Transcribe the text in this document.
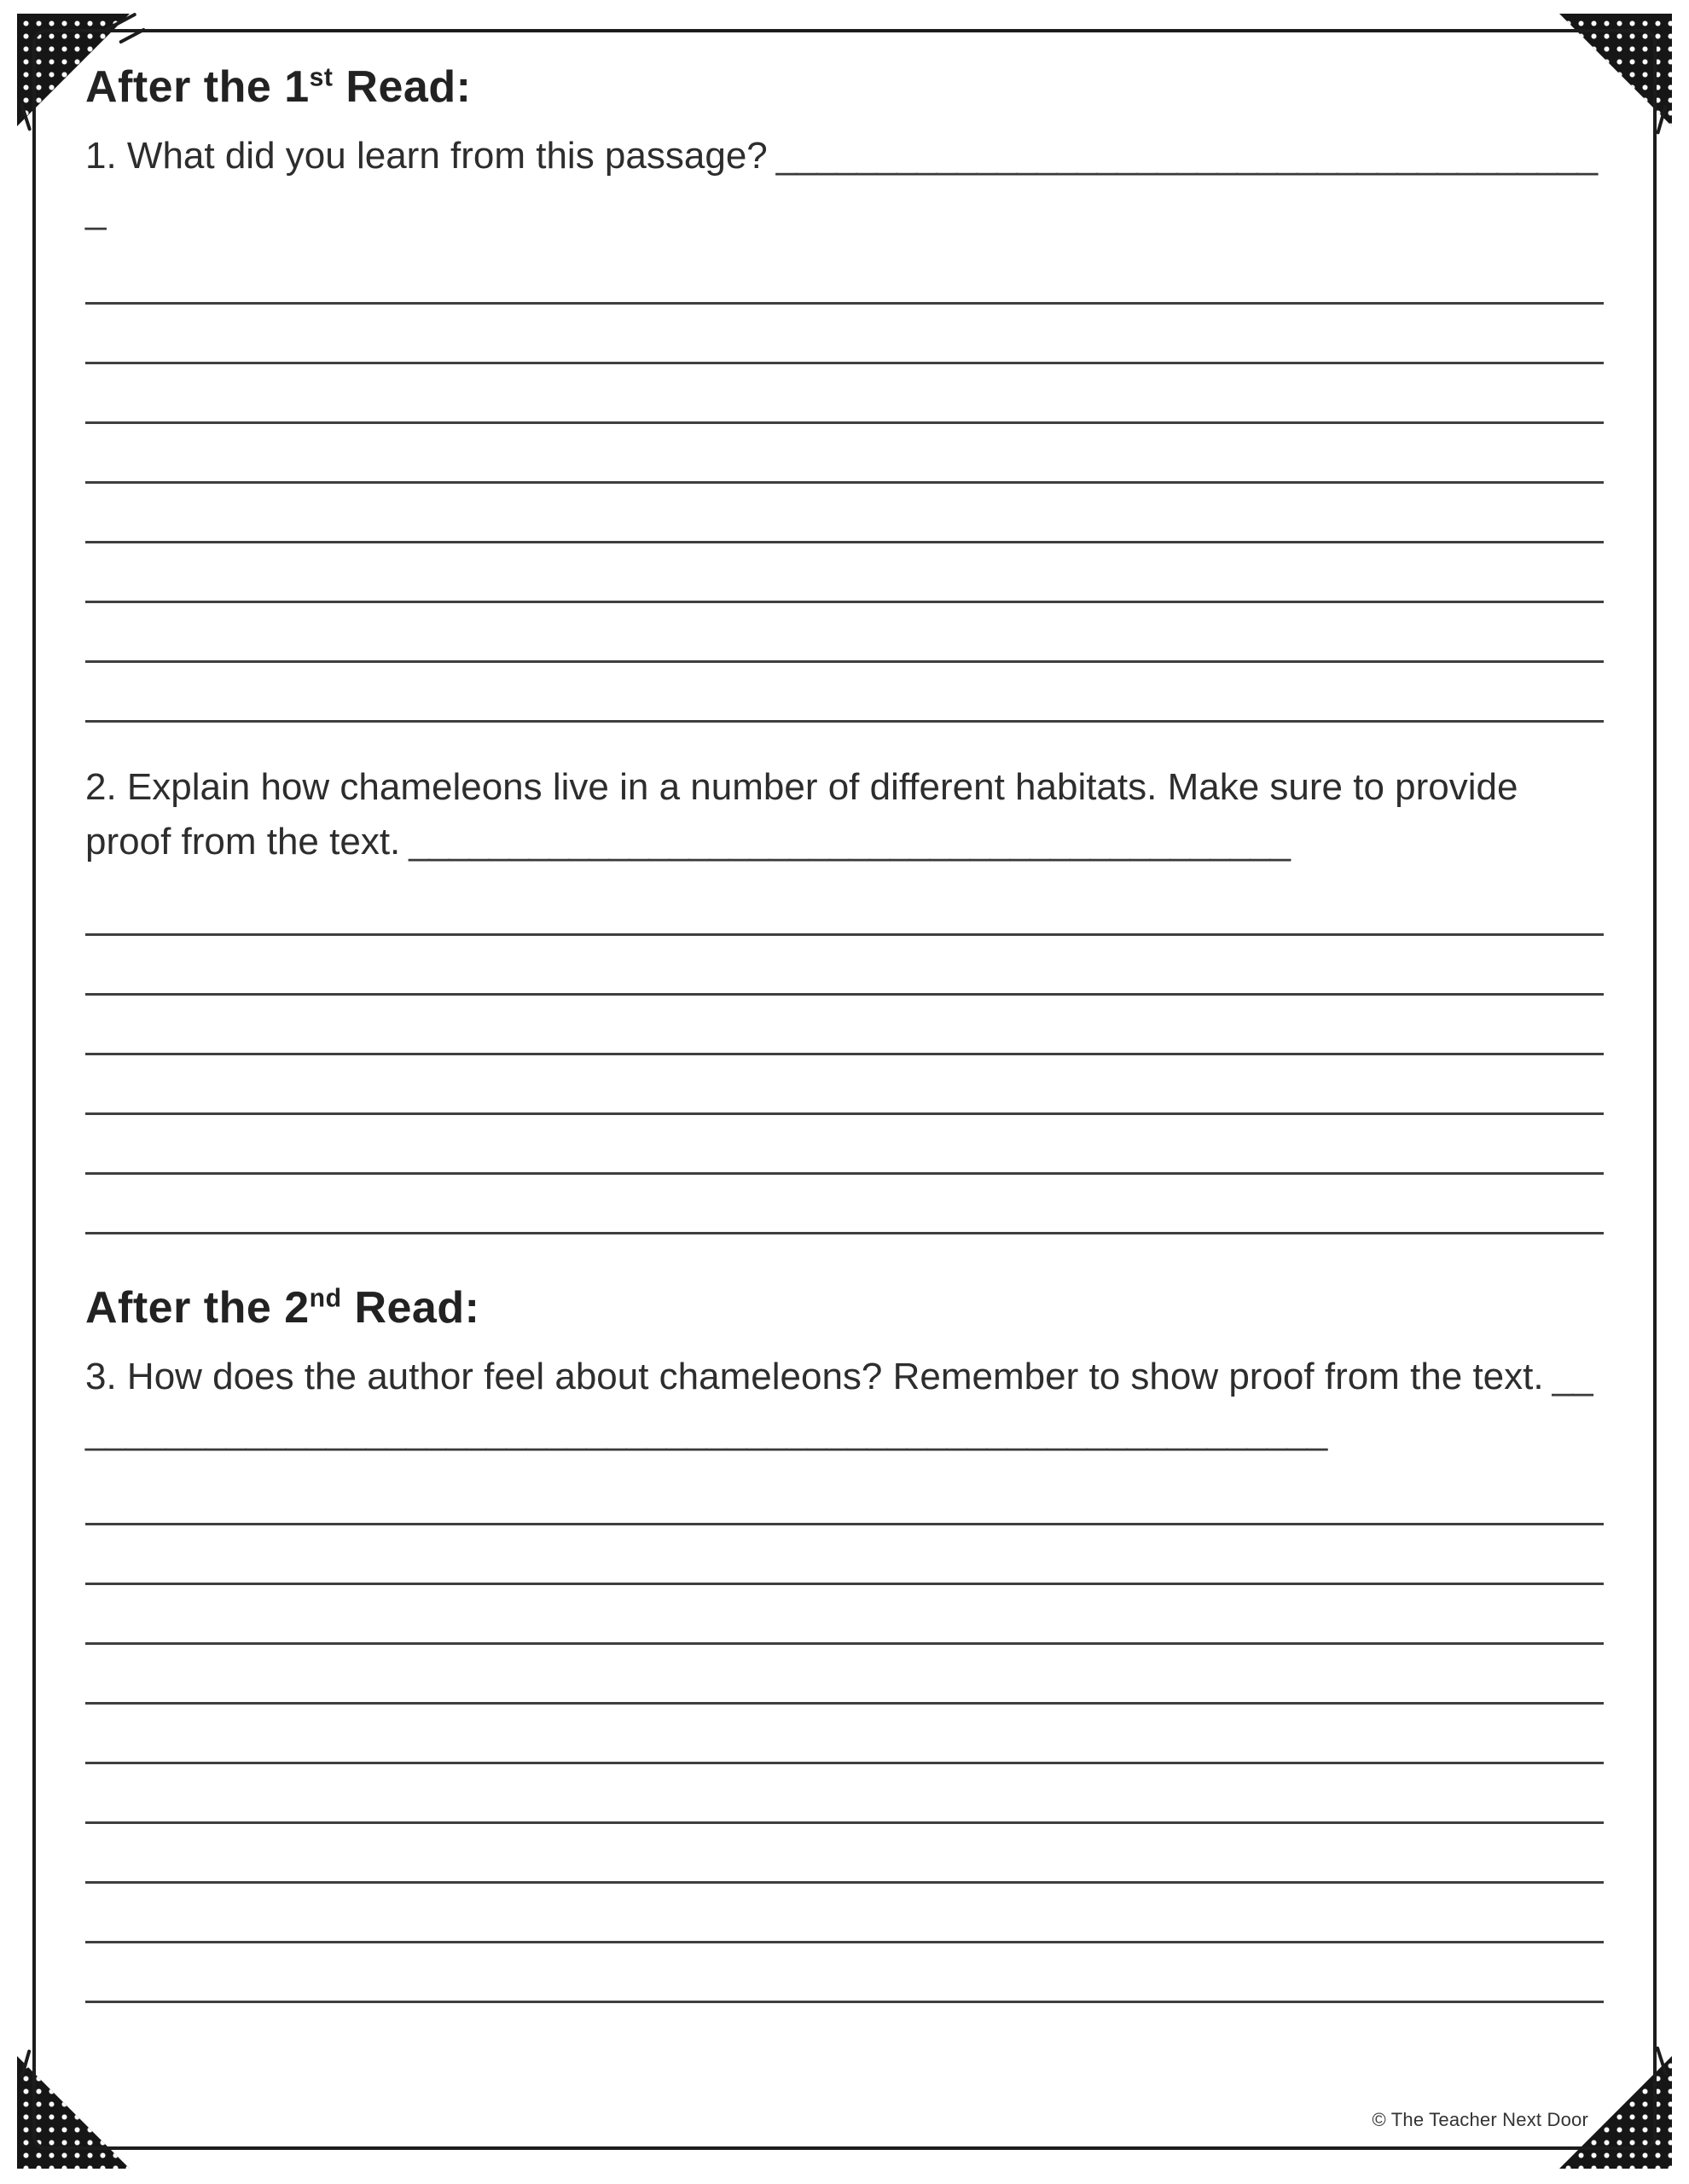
After the 1st Read:

1. What did you learn from this passage? __________________________________________

2. Explain how chameleons live in a number of different habitats. Make sure to provide proof from the text. ____________________________________________

After the 2nd Read:

3. How does the author feel about chameleons? Remember to show proof from the text. ________________________________________________________________

© The Teacher Next Door
